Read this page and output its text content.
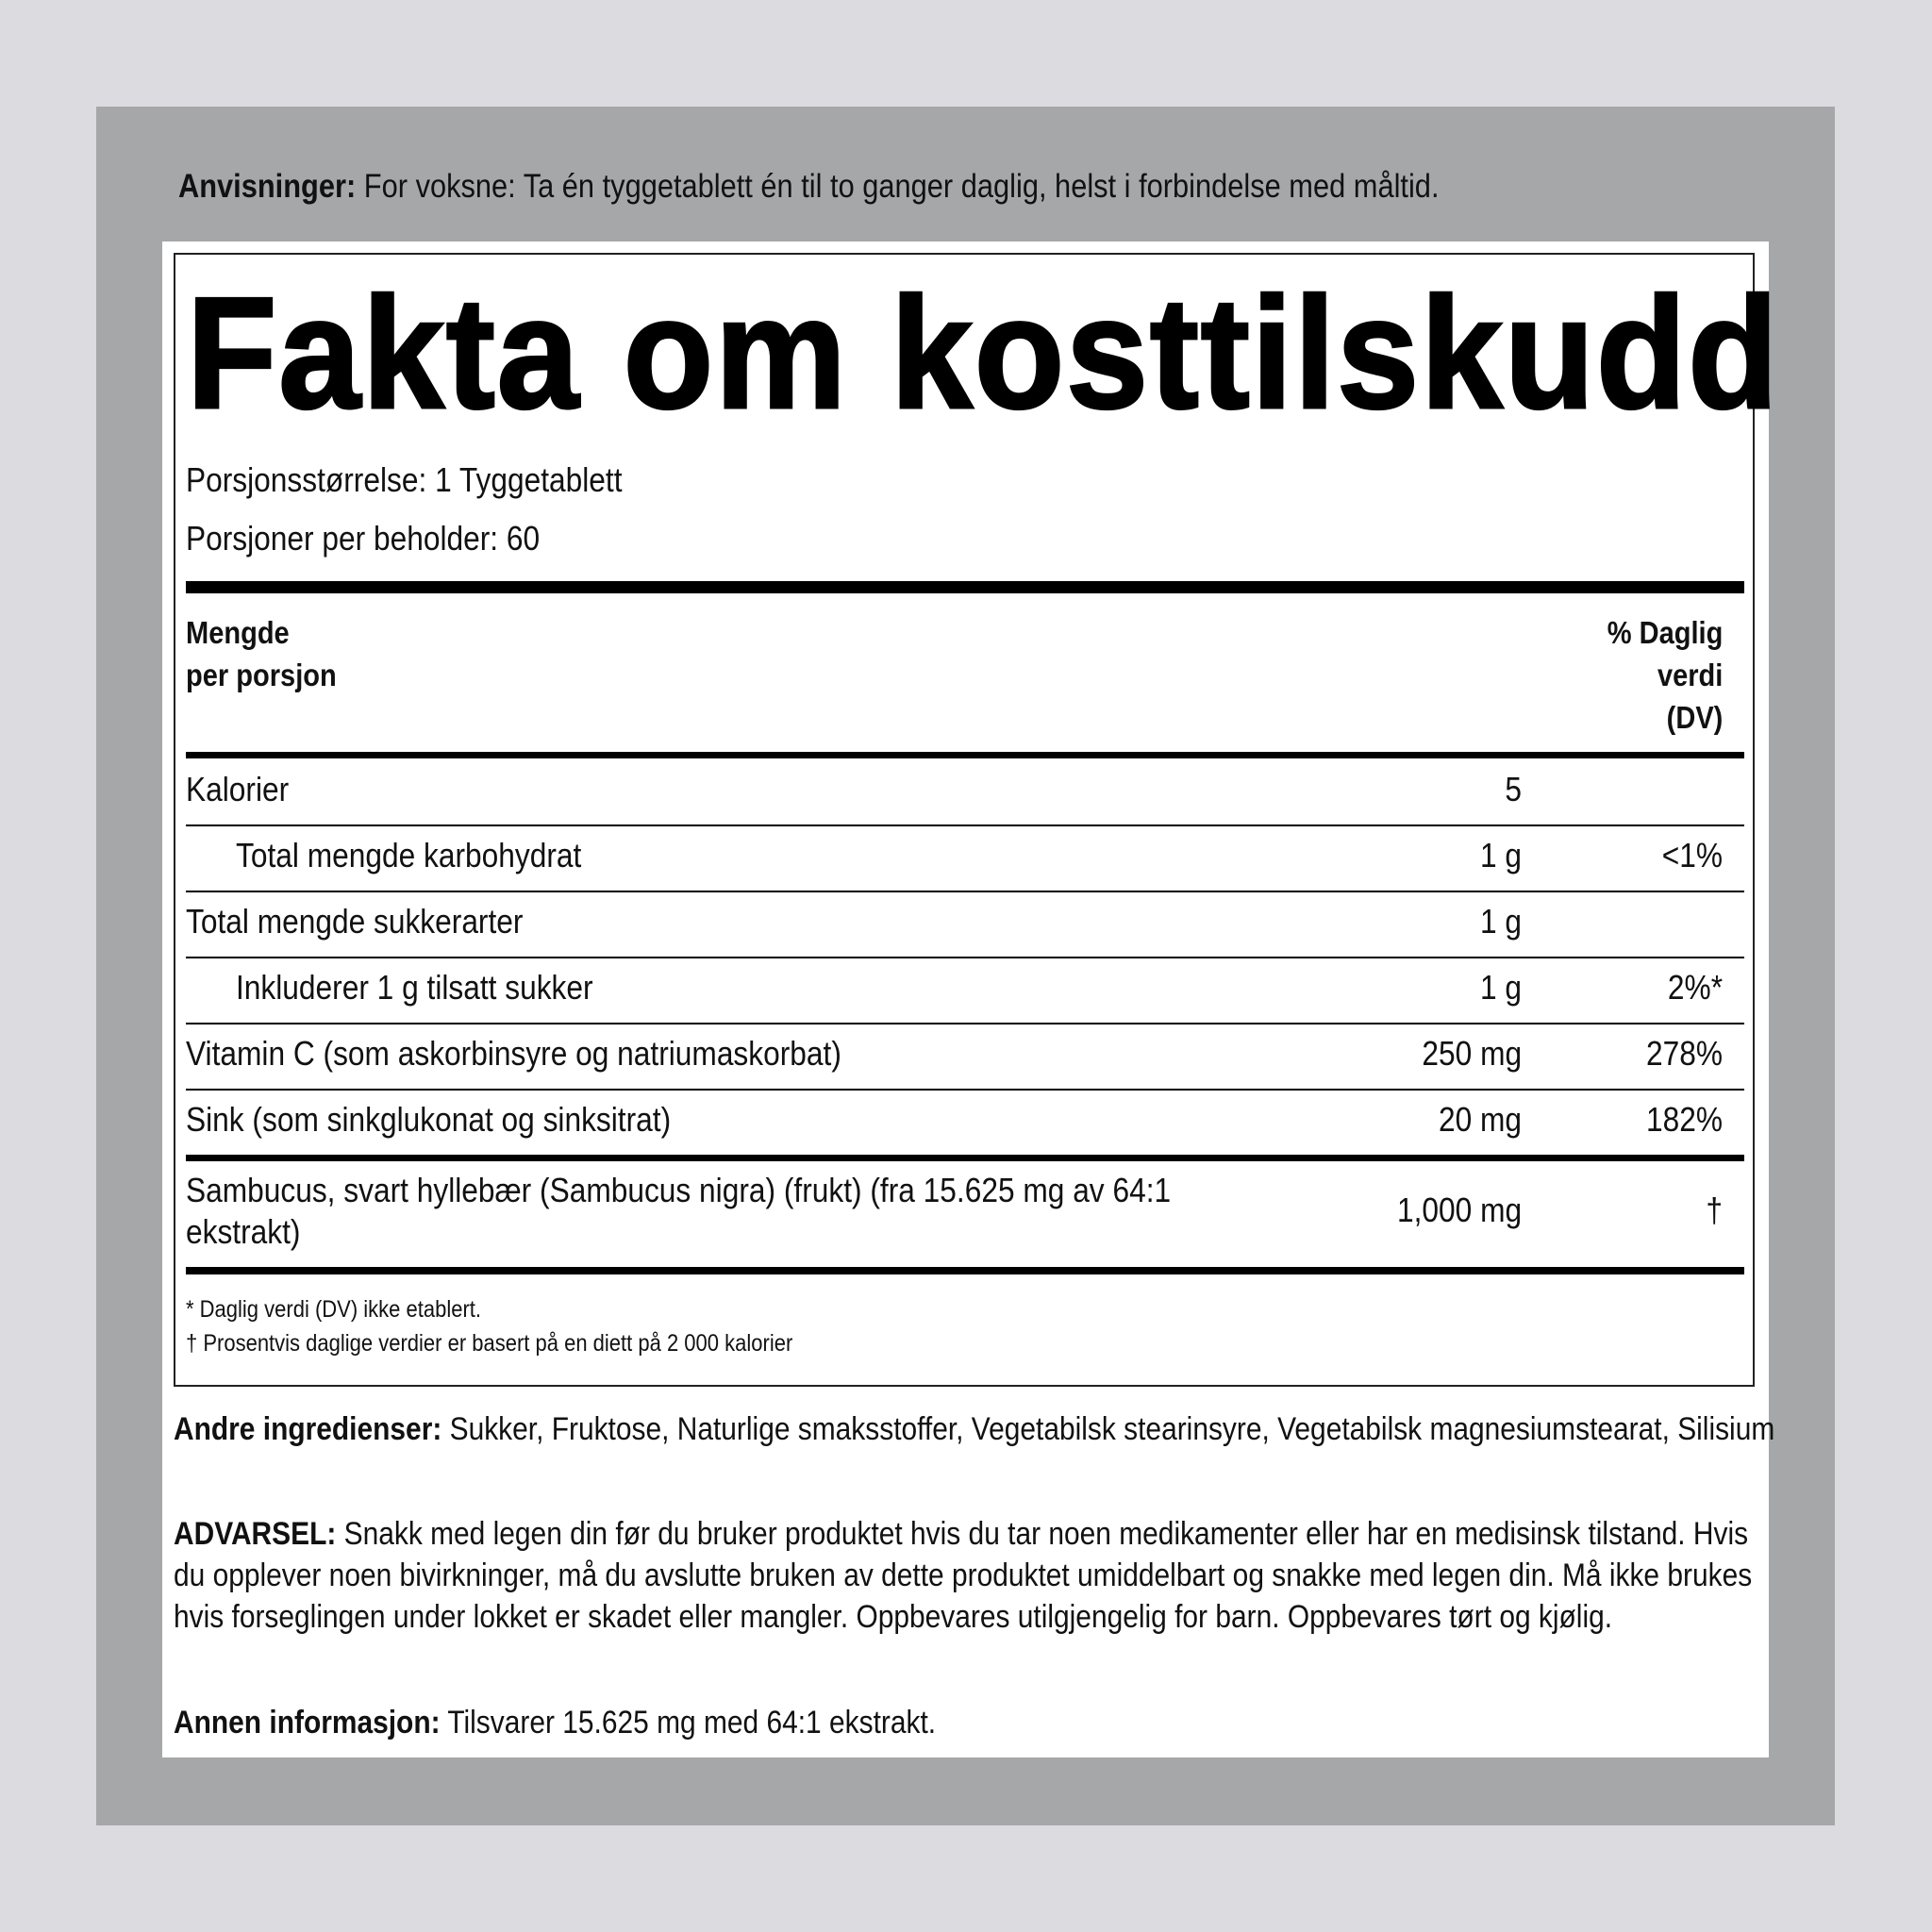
Anvisninger: For voksne: Ta én tyggetablett én til to ganger daglig, helst i forbindelse med måltid.
Fakta om kosttilskudd
Porsjonsstørrelse: 1 Tyggetablett
Porsjoner per beholder: 60
Mengde
per porsjon
% Daglig
verdi
(DV)
Kalorier	5
Total mengde karbohydrat	1 g	<1%
Total mengde sukkerarter	1 g
Inkluderer 1 g tilsatt sukker	1 g	2%*
Vitamin C (som askorbinsyre og natriumaskorbat)	250 mg	278%
Sink (som sinkglukonat og sinksitrat)	20 mg	182%
Sambucus, svart hyllebær (Sambucus nigra) (frukt) (fra 15.625 mg av 64:1
ekstrakt)
1,000 mg	†
* Daglig verdi (DV) ikke etablert.
† Prosentvis daglige verdier er basert på en diett på 2 000 kalorier
Andre ingredienser: Sukker, Fruktose, Naturlige smaksstoffer, Vegetabilsk stearinsyre, Vegetabilsk magnesiumstearat, Silisium
ADVARSEL: Snakk med legen din før du bruker produktet hvis du tar noen medikamenter eller har en medisinsk tilstand. Hvis du opplever noen bivirkninger, må du avslutte bruken av dette produktet umiddelbart og snakke med legen din. Må ikke brukes hvis forseglingen under lokket er skadet eller mangler. Oppbevares utilgjengelig for barn. Oppbevares tørt og kjølig.
Annen informasjon: Tilsvarer 15.625 mg med 64:1 ekstrakt.
